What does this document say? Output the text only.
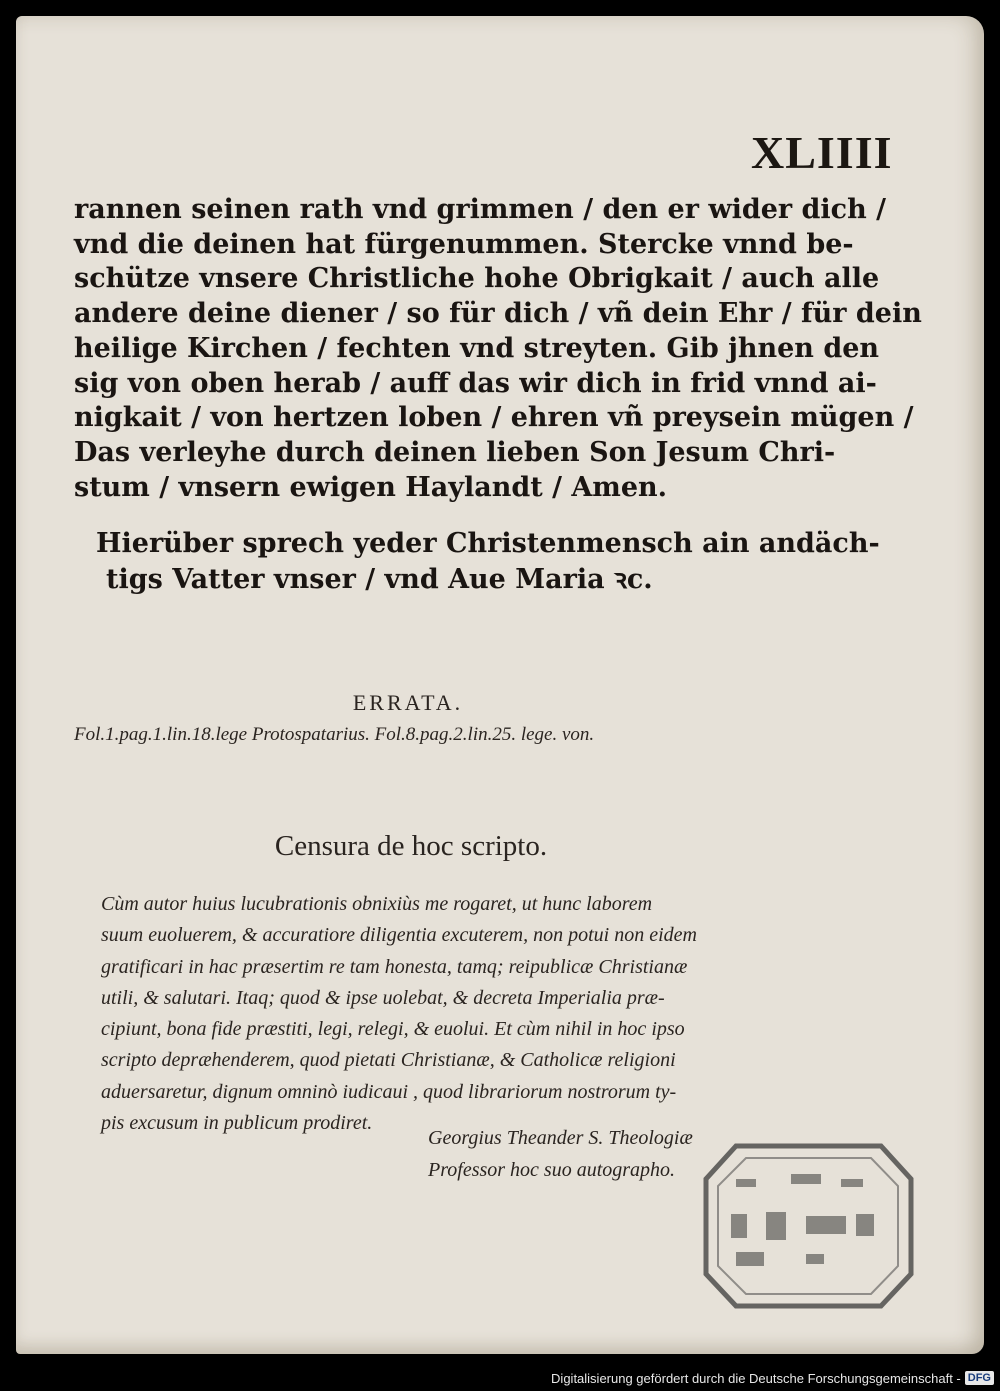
XLIIII
rannen seinen rath vnd grimmen / den er wider dich /
vnd die deinen hat fürgenummen. Stercke vnnd be-
schütze vnsere Christliche hohe Obrigkait / auch alle
andere deine diener / so für dich / vñ dein Ehr / für dein
heilige Kirchen / fechten vnd streyten. Gib jhnen den
sig von oben herab / auff das wir dich in frid vnnd ai-
nigkait / von hertzen loben / ehren vñ preysein mügen /
Das verleyhe durch deinen lieben Son Jesum Chri-
stum / vnsern ewigen Haylandt / Amen.
Hierüber sprech yeder Christenmensch ain andäch-
tigs Vatter vnser / vnd Aue Maria ꝛc.
ERRATA.
Fol.1.pag.1.lin.18.lege Protospatarius. Fol.8.pag.2.lin.25. lege. von.
Censura de hoc scripto.
Cùm autor huius lucubrationis obnixiùs me rogaret, ut hunc laborem
suum euoluerem, & accuratiore diligentia excuterem, non potui non eidem
gratificari in hac præsertim re tam honesta, tamq; reipublicæ Christianæ
utili, & salutari. Itaq; quod & ipse uolebat, & decreta Imperialia præ-
cipiunt, bona fide præstiti, legi, relegi, & euolui. Et cùm nihil in hoc ipso
scripto depræhenderem, quod pietati Christianæ, & Catholicæ religioni
aduersaretur, dignum omninò iudicaui , quod librariorum nostrorum ty-
pis excusum in publicum prodiret.
Georgius Theander S. Theologiæ
Professor hoc suo autographo.
Digitalisierung gefördert durch die Deutsche Forschungsgemeinschaft - DFG
